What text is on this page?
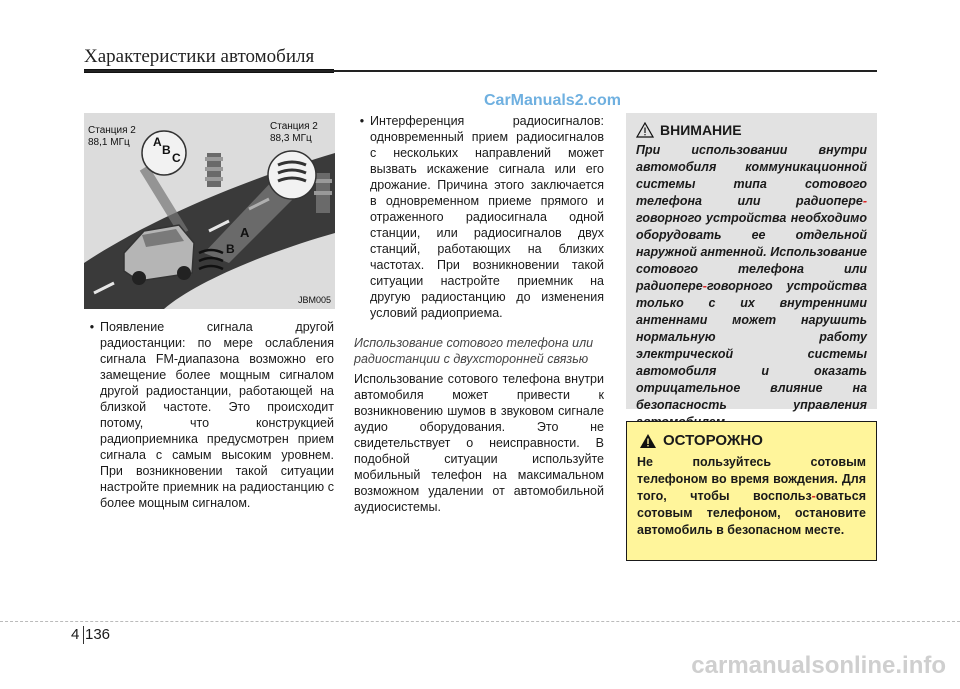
Характеристики автомобиля
CarManuals2.com
Станция 2
88,1 МГц
Станция 2
88,3 МГц
A
B
C
A
B
JBM005
• Появление сигнала другой радиостанции: по мере ослабления сигнала FM-диапазона возможно его замещение более мощным сигналом другой радиостанции, работающей на близкой частоте. Это происходит потому, что конструкцией радиоприемника предусмотрен прием сигнала с самым высоким уровнем. При возникновении такой ситуации настройте приемник на радиостанцию с более мощным сигналом.
• Интерференция радиосигналов: одновременный прием радиосигналов с нескольких направлений может вызвать искажение сигнала или его дрожание. Причина этого заключается в одновременном приеме прямого и отраженного радиосигнала одной станции, или радиосигналов двух станций, работающих на близких частотах. При возникновении такой ситуации настройте приемник на другую радиостанцию до изменения условий радиоприема.
Использование сотового телефона или радиостанции с двухсторонней связью
Использование сотового телефона внутри автомобиля может привести к возникновению шумов в звуковом сигнале аудио оборудования. Это не свидетельствует о неисправности. В подобной ситуации используйте мобильный телефон на максимальном возможном удалении от автомобильной аудиосистемы.
ВНИМАНИЕ
При использовании внутри автомобиля коммуникационной системы типа сотового телефона или радиопере-говорного устройства необходимо оборудовать ее отдельной наружной антенной. Использование сотового телефона или радиопере-говорного устройства только с их внутренними антеннами может нарушить нормальную работу электрической системы автомобиля и оказать отрицательное влияние на безопасность управления
ОСТОРОЖНО
Не пользуйтесь сотовым телефоном во время вождения. Для того, чтобы воспольз-оваться сотовым телефоном, остановите автомобиль в безопасном месте.
4 136
carmanualsonline.info
